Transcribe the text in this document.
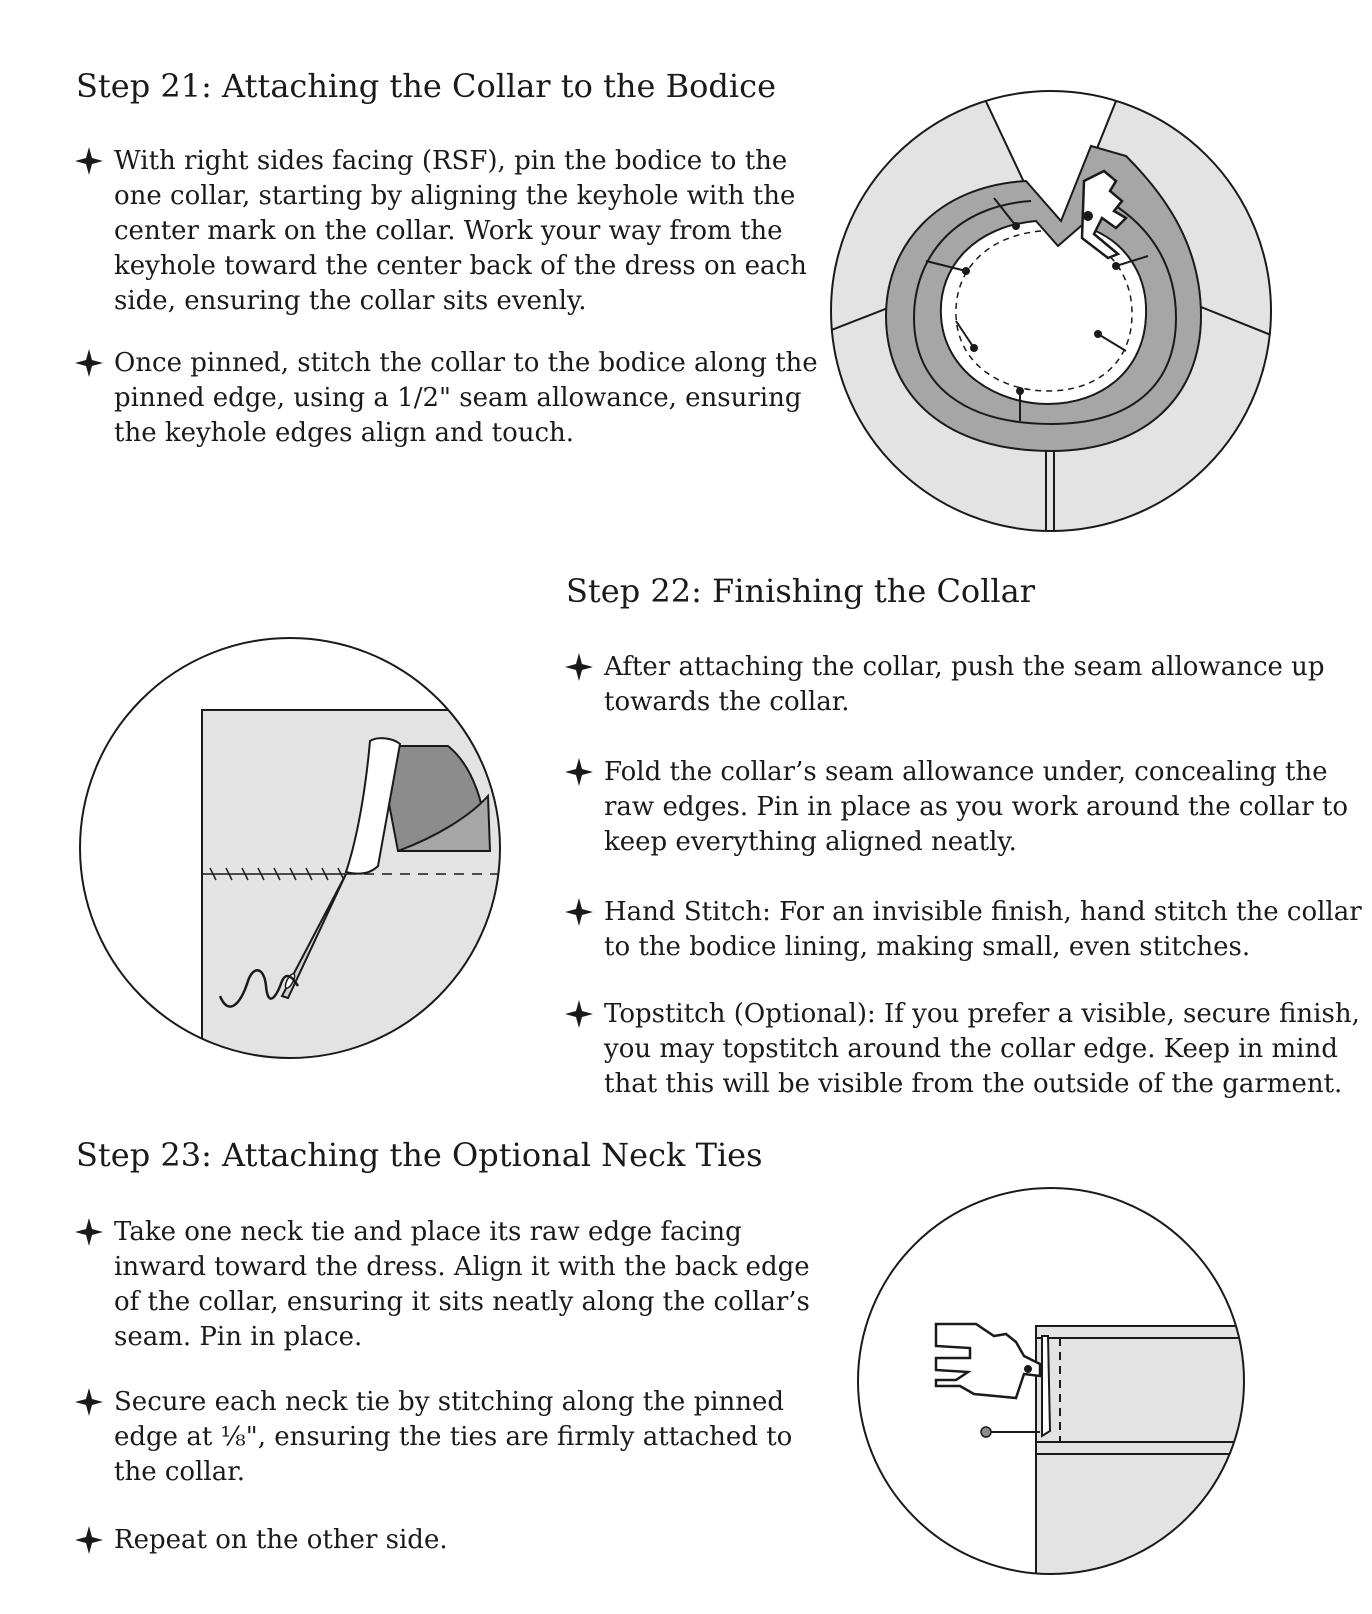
Step 21: Attaching the Collar to the Bodice

With right sides facing (RSF), pin the bodice to the
one collar, starting by aligning the keyhole with the
center mark on the collar. Work your way from the
keyhole toward the center back of the dress on each
side, ensuring the collar sits evenly.

Once pinned, stitch the collar to the bodice along the
pinned edge, using a 1/2" seam allowance, ensuring
the keyhole edges align and touch.

Step 22: Finishing the Collar

After attaching the collar, push the seam allowance up
towards the collar.

Fold the collar’s seam allowance under, concealing the
raw edges. Pin in place as you work around the collar to
keep everything aligned neatly.

Hand Stitch: For an invisible finish, hand stitch the collar
to the bodice lining, making small, even stitches.

Topstitch (Optional): If you prefer a visible, secure finish,
you may topstitch around the collar edge. Keep in mind
that this will be visible from the outside of the garment.

Step 23: Attaching the Optional Neck Ties

Take one neck tie and place its raw edge facing
inward toward the dress. Align it with the back edge
of the collar, ensuring it sits neatly along the collar’s
seam. Pin in place.

Secure each neck tie by stitching along the pinned
edge at ⅛", ensuring the ties are firmly attached to
the collar.

Repeat on the other side.
